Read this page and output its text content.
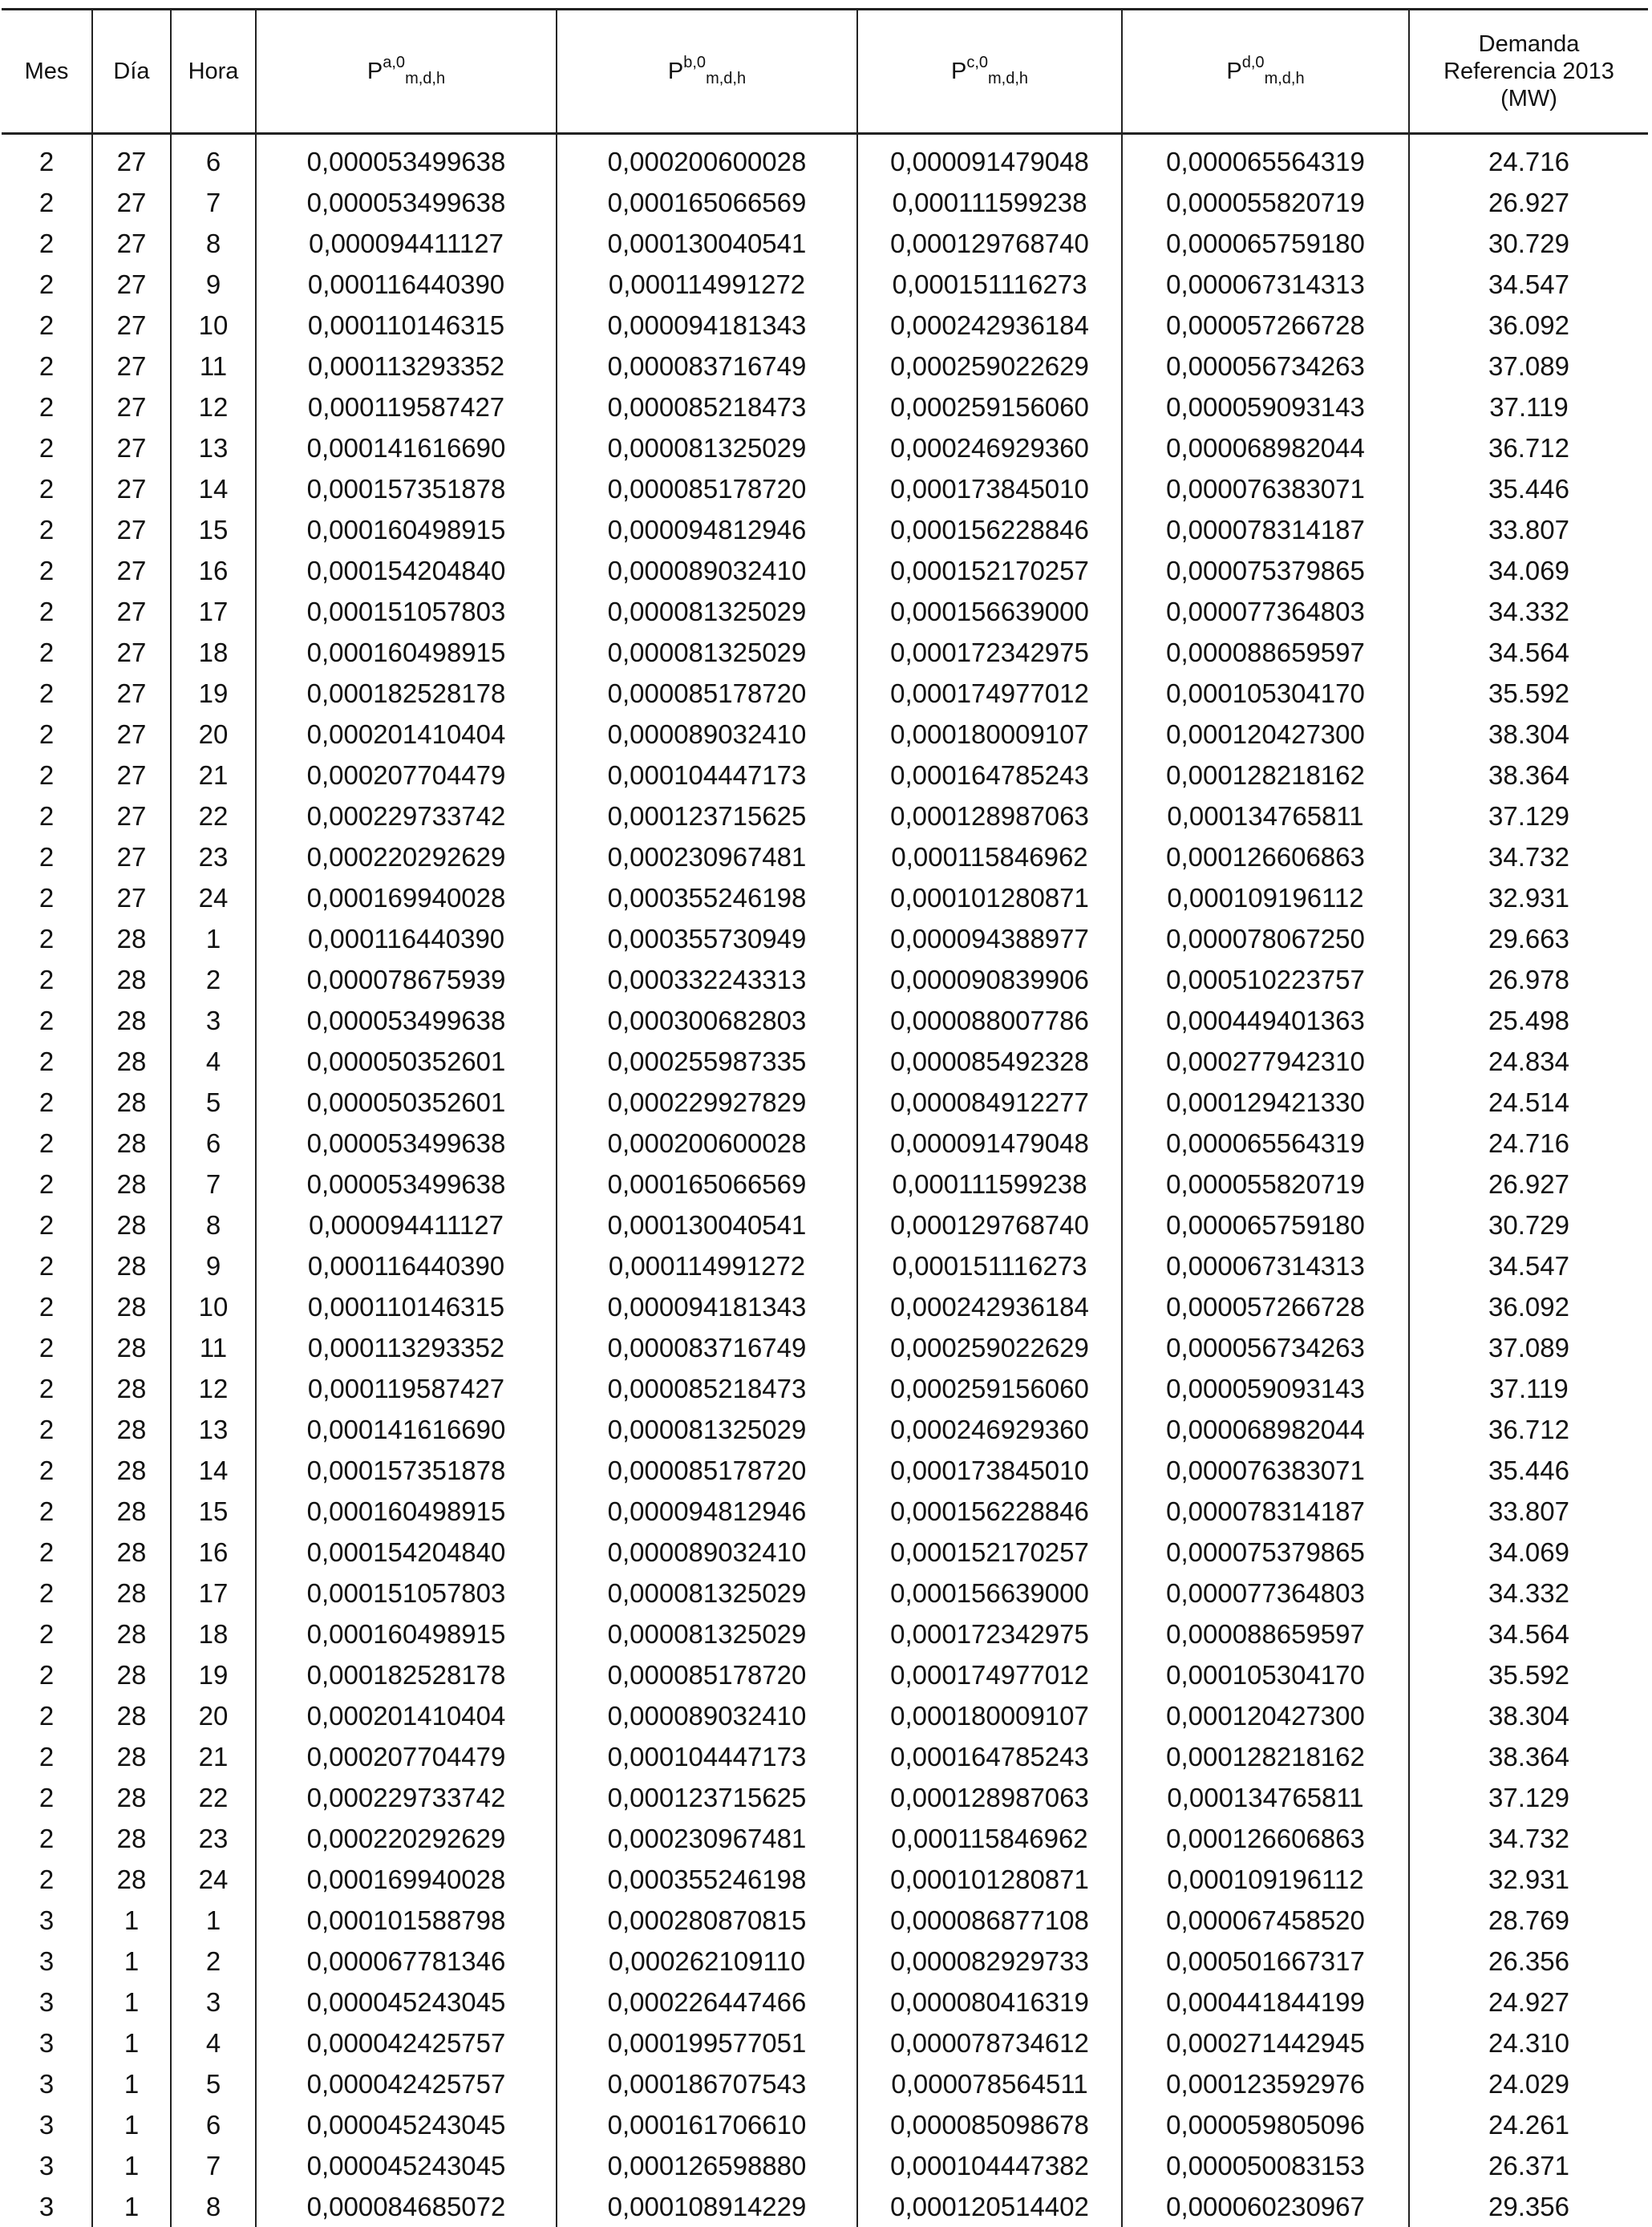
Mes	Día	Hora	P$^{a,0}_{m,d,h}$	P$^{b,0}_{m,d,h}$	P$^{c,0}_{m,d,h}$	P$^{d,0}_{m,d,h}$	Demanda
Referencia 2013
(MW)

2	27	6	0,000053499638	0,000200600028	0,000091479048	0,000065564319	24.716
2	27	7	0,000053499638	0,000165066569	0,000111599238	0,000055820719	26.927
2	27	8	0,000094411127	0,000130040541	0,000129768740	0,000065759180	30.729
2	27	9	0,000116440390	0,000114991272	0,000151116273	0,000067314313	34.547
2	27	10	0,000110146315	0,000094181343	0,000242936184	0,000057266728	36.092
2	27	11	0,000113293352	0,000083716749	0,000259022629	0,000056734263	37.089
2	27	12	0,000119587427	0,000085218473	0,000259156060	0,000059093143	37.119
2	27	13	0,000141616690	0,000081325029	0,000246929360	0,000068982044	36.712
2	27	14	0,000157351878	0,000085178720	0,000173845010	0,000076383071	35.446
2	27	15	0,000160498915	0,000094812946	0,000156228846	0,000078314187	33.807
2	27	16	0,000154204840	0,000089032410	0,000152170257	0,000075379865	34.069
2	27	17	0,000151057803	0,000081325029	0,000156639000	0,000077364803	34.332
2	27	18	0,000160498915	0,000081325029	0,000172342975	0,000088659597	34.564
2	27	19	0,000182528178	0,000085178720	0,000174977012	0,000105304170	35.592
2	27	20	0,000201410404	0,000089032410	0,000180009107	0,000120427300	38.304
2	27	21	0,000207704479	0,000104447173	0,000164785243	0,000128218162	38.364
2	27	22	0,000229733742	0,000123715625	0,000128987063	0,000134765811	37.129
2	27	23	0,000220292629	0,000230967481	0,000115846962	0,000126606863	34.732
2	27	24	0,000169940028	0,000355246198	0,000101280871	0,000109196112	32.931
2	28	1	0,000116440390	0,000355730949	0,000094388977	0,000078067250	29.663
2	28	2	0,000078675939	0,000332243313	0,000090839906	0,000510223757	26.978
2	28	3	0,000053499638	0,000300682803	0,000088007786	0,000449401363	25.498
2	28	4	0,000050352601	0,000255987335	0,000085492328	0,000277942310	24.834
2	28	5	0,000050352601	0,000229927829	0,000084912277	0,000129421330	24.514
2	28	6	0,000053499638	0,000200600028	0,000091479048	0,000065564319	24.716
2	28	7	0,000053499638	0,000165066569	0,000111599238	0,000055820719	26.927
2	28	8	0,000094411127	0,000130040541	0,000129768740	0,000065759180	30.729
2	28	9	0,000116440390	0,000114991272	0,000151116273	0,000067314313	34.547
2	28	10	0,000110146315	0,000094181343	0,000242936184	0,000057266728	36.092
2	28	11	0,000113293352	0,000083716749	0,000259022629	0,000056734263	37.089
2	28	12	0,000119587427	0,000085218473	0,000259156060	0,000059093143	37.119
2	28	13	0,000141616690	0,000081325029	0,000246929360	0,000068982044	36.712
2	28	14	0,000157351878	0,000085178720	0,000173845010	0,000076383071	35.446
2	28	15	0,000160498915	0,000094812946	0,000156228846	0,000078314187	33.807
2	28	16	0,000154204840	0,000089032410	0,000152170257	0,000075379865	34.069
2	28	17	0,000151057803	0,000081325029	0,000156639000	0,000077364803	34.332
2	28	18	0,000160498915	0,000081325029	0,000172342975	0,000088659597	34.564
2	28	19	0,000182528178	0,000085178720	0,000174977012	0,000105304170	35.592
2	28	20	0,000201410404	0,000089032410	0,000180009107	0,000120427300	38.304
2	28	21	0,000207704479	0,000104447173	0,000164785243	0,000128218162	38.364
2	28	22	0,000229733742	0,000123715625	0,000128987063	0,000134765811	37.129
2	28	23	0,000220292629	0,000230967481	0,000115846962	0,000126606863	34.732
2	28	24	0,000169940028	0,000355246198	0,000101280871	0,000109196112	32.931
3	1	1	0,000101588798	0,000280870815	0,000086877108	0,000067458520	28.769
3	1	2	0,000067781346	0,000262109110	0,000082929733	0,000501667317	26.356
3	1	3	0,000045243045	0,000226447466	0,000080416319	0,000441844199	24.927
3	1	4	0,000042425757	0,000199577051	0,000078734612	0,000271442945	24.310
3	1	5	0,000042425757	0,000186707543	0,000078564511	0,000123592976	24.029
3	1	6	0,000045243045	0,000161706610	0,000085098678	0,000059805096	24.261
3	1	7	0,000045243045	0,000126598880	0,000104447382	0,000050083153	26.371
3	1	8	0,000084685072	0,000108914229	0,000120514402	0,000060230967	29.356
